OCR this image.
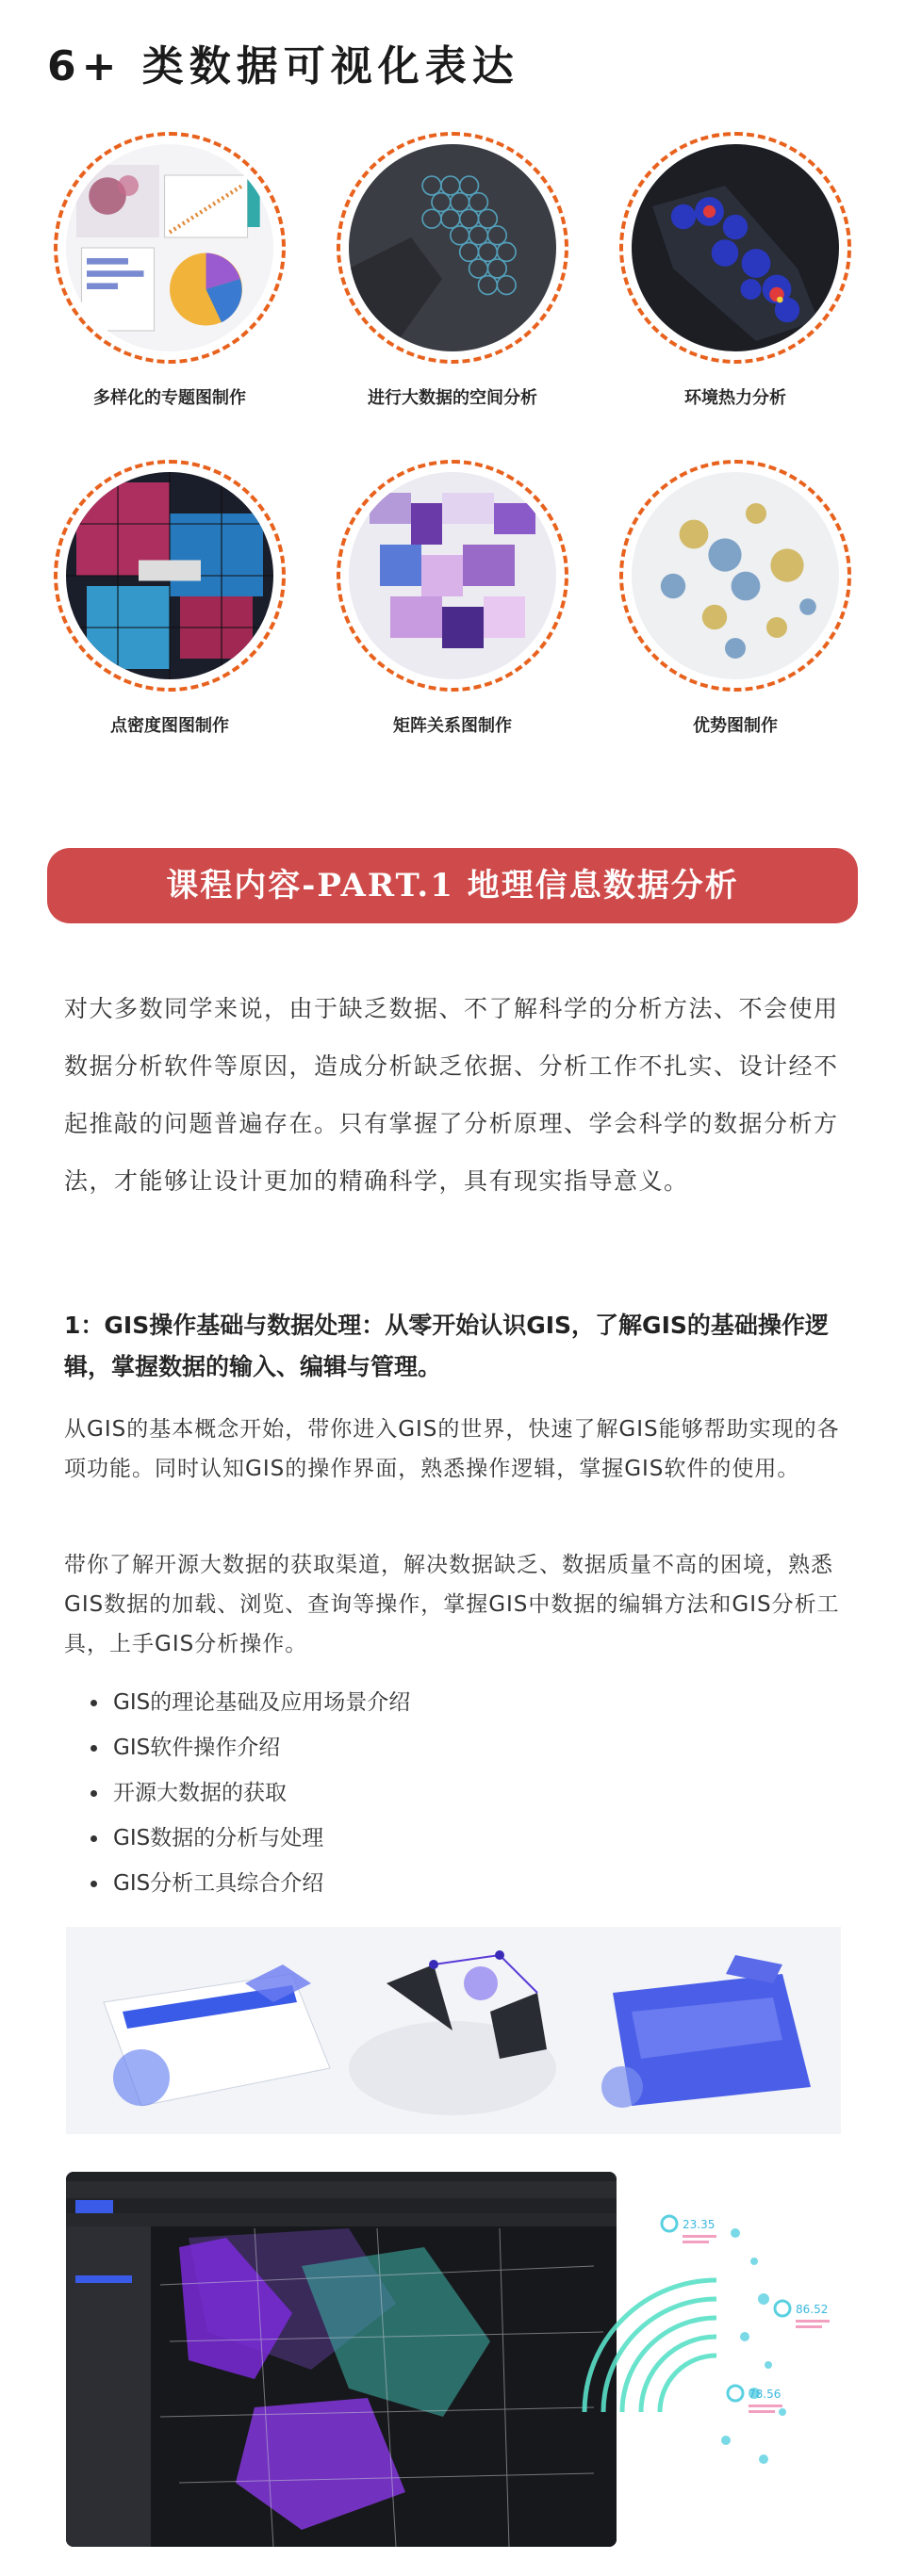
6+ 类数据可视化表达
多样化的专题图制作	进行大数据的空间分析	环境热力分析
点密度图图制作	矩阵关系图制作	优势图制作
课程内容-PART.1 地理信息数据分析
对大多数同学来说，由于缺乏数据、不了解科学的分析方法、不会使用数据分析软件等原因，造成分析缺乏依据、分析工作不扎实、设计经不起推敲的问题普遍存在。只有掌握了分析原理、学会科学的数据分析方法，才能够让设计更加的精确科学，具有现实指导意义。
1：GIS操作基础与数据处理：从零开始认识GIS，了解GIS的基础操作逻辑，掌握数据的输入、编辑与管理。
从GIS的基本概念开始，带你进入GIS的世界，快速了解GIS能够帮助实现的各项功能。同时认知GIS的操作界面，熟悉操作逻辑，掌握GIS软件的使用。
带你了解开源大数据的获取渠道，解决数据缺乏、数据质量不高的困境，熟悉GIS数据的加载、浏览、查询等操作，掌握GIS中数据的编辑方法和GIS分析工具，上手GIS分析操作。
GIS的理论基础及应用场景介绍
GIS软件操作介绍
开源大数据的获取
GIS数据的分析与处理
GIS分析工具综合介绍
23.35
86.52
78.56
